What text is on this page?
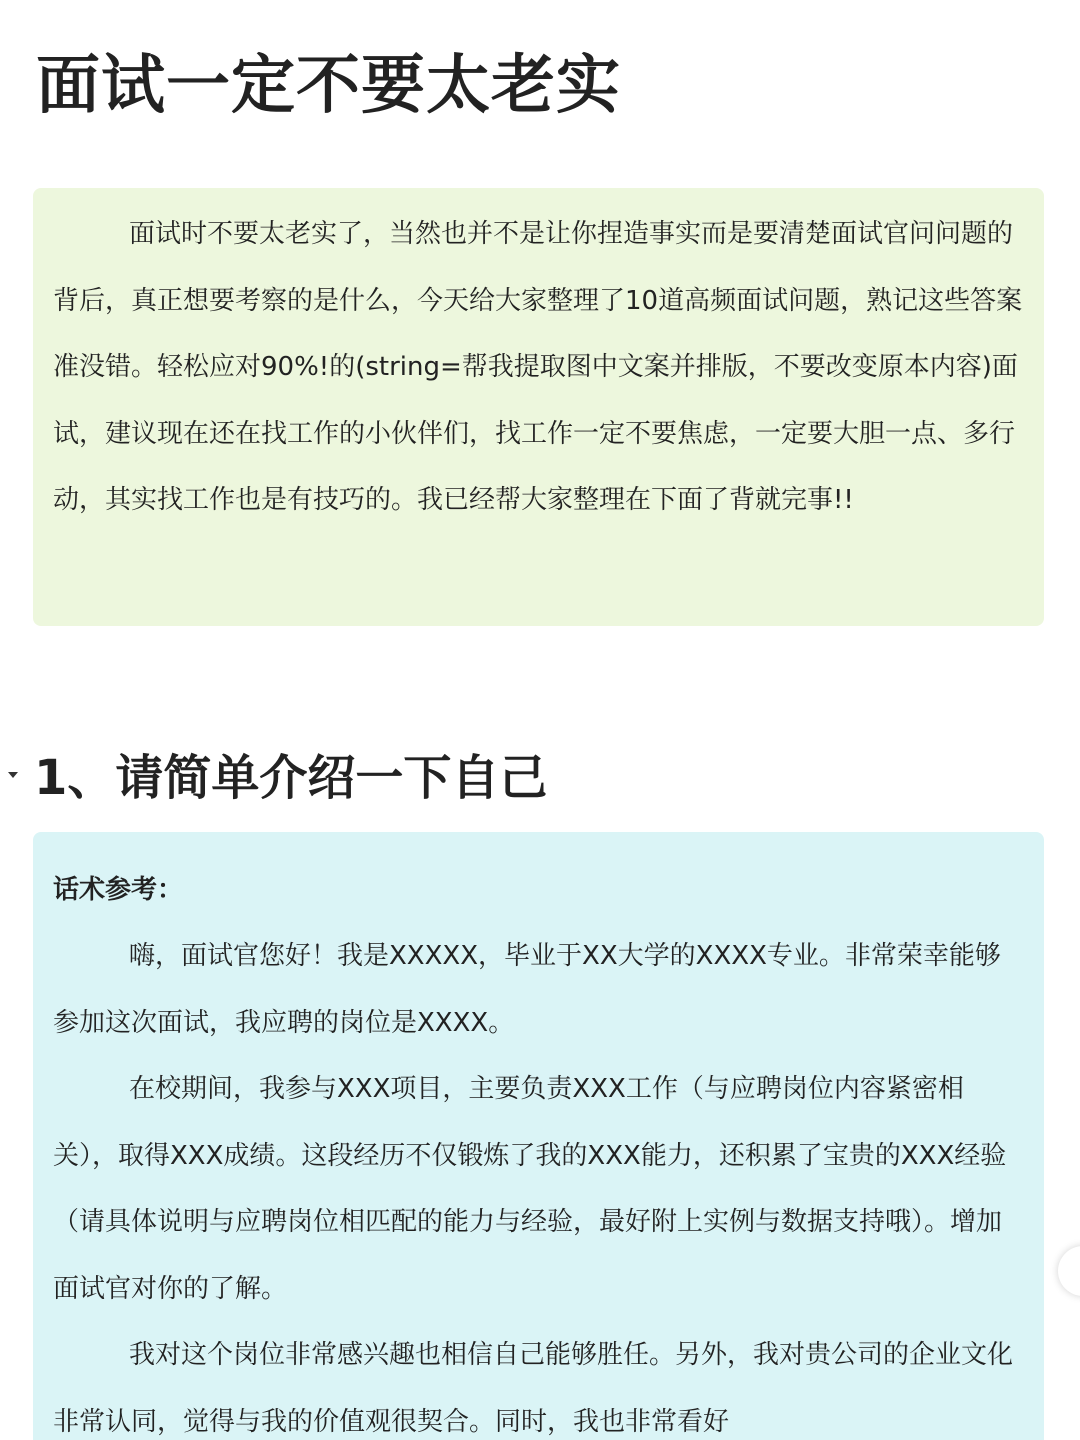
面试一定不要太老实

面试时不要太老实了，当然也并不是让你捏造事实而是要清楚面试官问问题的背后，真正想要考察的是什么，今天给大家整理了10道高频面试问题，熟记这些答案准没错。轻松应对90%!的(string=帮我提取图中文案并排版，不要改变原本内容)面试，建议现在还在找工作的小伙伴们，找工作一定不要焦虑，一定要大胆一点、多行动，其实找工作也是有技巧的。我已经帮大家整理在下面了背就完事!!

1、请简单介绍一下自己

话术参考：

嗨，面试官您好！我是XXXXX，毕业于XX大学的XXXX专业。非常荣幸能够参加这次面试，我应聘的岗位是XXXX。

在校期间，我参与XXX项目，主要负责XXX工作（与应聘岗位内容紧密相关），取得XXX成绩。这段经历不仅锻炼了我的XXX能力，还积累了宝贵的XXX经验（请具体说明与应聘岗位相匹配的能力与经验，最好附上实例与数据支持哦）。增加面试官对你的了解。

我对这个岗位非常感兴趣也相信自己能够胜任。另外，我对贵公司的企业文化非常认同，觉得与我的价值观很契合。同时，我也非常看好
